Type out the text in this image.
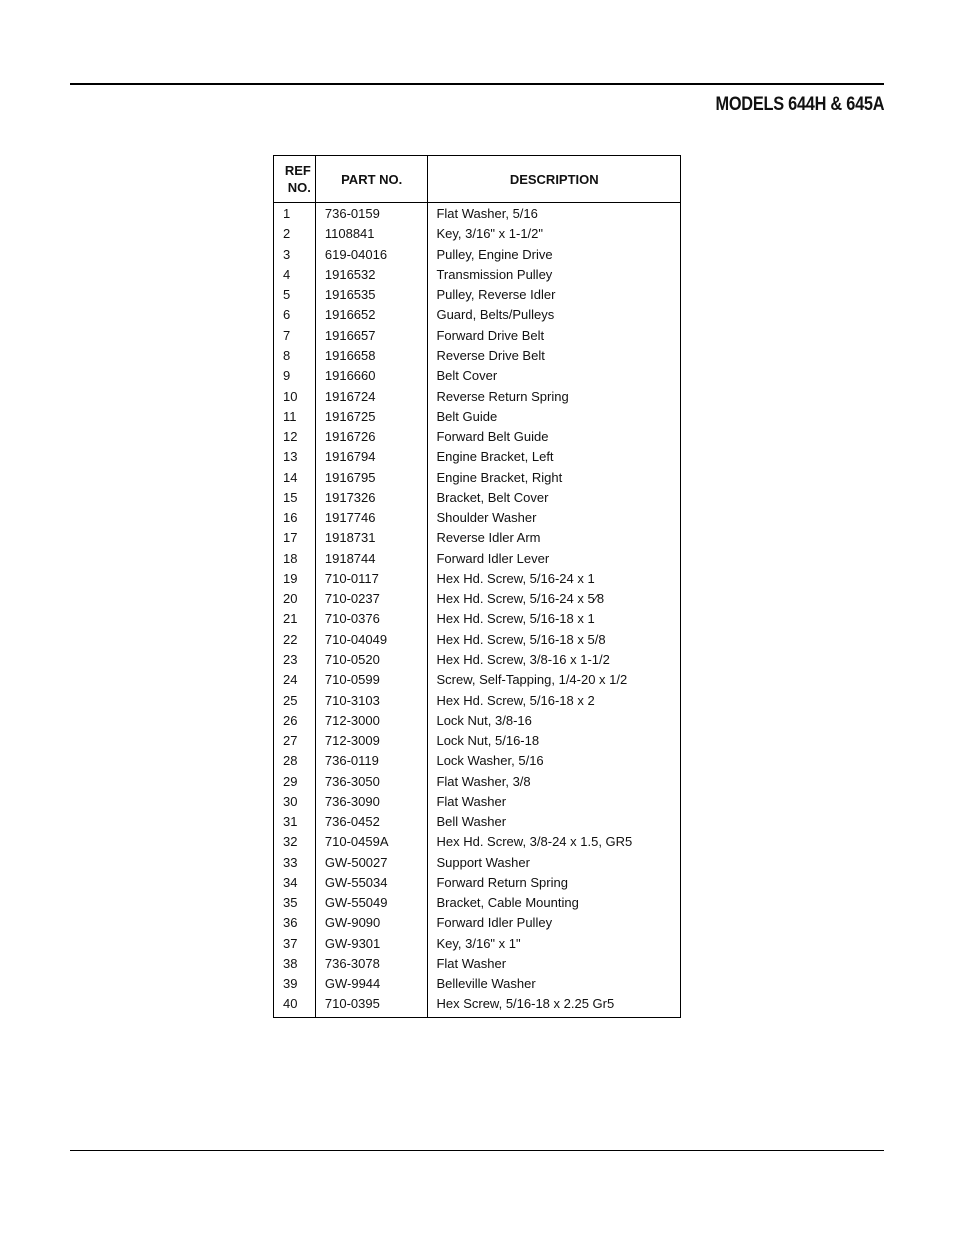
MODELS 644H & 645A
REF
NO.	PART NO.	DESCRIPTION
1	736-0159	Flat Washer, 5/16
2	1108841	Key, 3/16" x 1-1/2"
3	619-04016	Pulley, Engine Drive
4	1916532	Transmission Pulley
5	1916535	Pulley, Reverse Idler
6	1916652	Guard, Belts/Pulleys
7	1916657	Forward Drive Belt
8	1916658	Reverse Drive Belt
9	1916660	Belt Cover
10	1916724	Reverse Return Spring
11	1916725	Belt Guide
12	1916726	Forward Belt Guide
13	1916794	Engine Bracket, Left
14	1916795	Engine Bracket, Right
15	1917326	Bracket, Belt Cover
16	1917746	Shoulder Washer
17	1918731	Reverse Idler Arm
18	1918744	Forward Idler Lever
19	710-0117	Hex Hd. Screw, 5/16-24 x 1
20	710-0237	Hex Hd. Screw, 5/16-24 x 5⁄8
21	710-0376	Hex Hd. Screw, 5/16-18 x 1
22	710-04049	Hex Hd. Screw, 5/16-18 x 5/8
23	710-0520	Hex Hd. Screw, 3/8-16 x 1-1/2
24	710-0599	Screw, Self-Tapping, 1/4-20 x 1/2
25	710-3103	Hex Hd. Screw, 5/16-18 x 2
26	712-3000	Lock Nut, 3/8-16
27	712-3009	Lock Nut, 5/16-18
28	736-0119	Lock Washer, 5/16
29	736-3050	Flat Washer, 3/8
30	736-3090	Flat Washer
31	736-0452	Bell Washer
32	710-0459A	Hex Hd. Screw, 3/8-24 x 1.5, GR5
33	GW-50027	Support Washer
34	GW-55034	Forward Return Spring
35	GW-55049	Bracket, Cable Mounting
36	GW-9090	Forward Idler Pulley
37	GW-9301	Key, 3/16" x 1"
38	736-3078	Flat Washer
39	GW-9944	Belleville Washer
40	710-0395	Hex Screw, 5/16-18 x 2.25 Gr5
